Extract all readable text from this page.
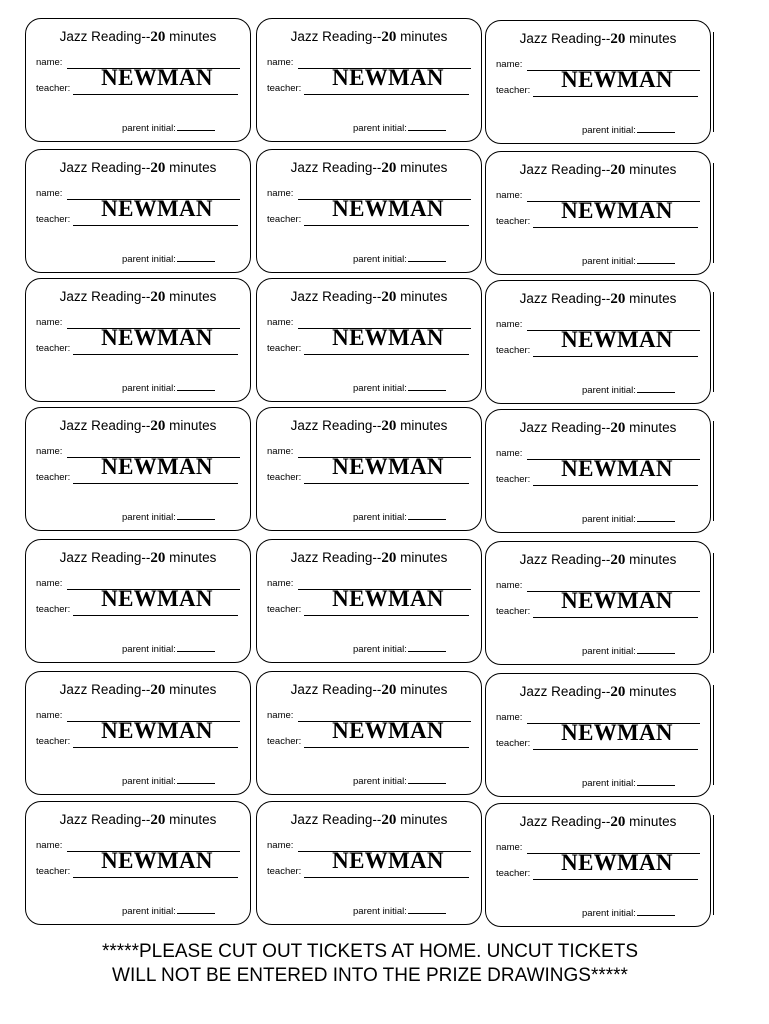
Jazz Reading--20 minutes
name:
teacher:	NEWMAN
parent initial:
Jazz Reading--20 minutes
name:
teacher:	NEWMAN
parent initial:
Jazz Reading--20 minutes
name:
teacher:	NEWMAN
parent initial:
Jazz Reading--20 minutes
name:
teacher:	NEWMAN
parent initial:
Jazz Reading--20 minutes
name:
teacher:	NEWMAN
parent initial:
Jazz Reading--20 minutes
name:
teacher:	NEWMAN
parent initial:
Jazz Reading--20 minutes
name:
teacher:	NEWMAN
parent initial:
Jazz Reading--20 minutes
name:
teacher:	NEWMAN
parent initial:
Jazz Reading--20 minutes
name:
teacher:	NEWMAN
parent initial:
Jazz Reading--20 minutes
name:
teacher:	NEWMAN
parent initial:
Jazz Reading--20 minutes
name:
teacher:	NEWMAN
parent initial:
Jazz Reading--20 minutes
name:
teacher:	NEWMAN
parent initial:
Jazz Reading--20 minutes
name:
teacher:	NEWMAN
parent initial:
Jazz Reading--20 minutes
name:
teacher:	NEWMAN
parent initial:
Jazz Reading--20 minutes
name:
teacher:	NEWMAN
parent initial:
Jazz Reading--20 minutes
name:
teacher:	NEWMAN
parent initial:
Jazz Reading--20 minutes
name:
teacher:	NEWMAN
parent initial:
Jazz Reading--20 minutes
name:
teacher:	NEWMAN
parent initial:
Jazz Reading--20 minutes
name:
teacher:	NEWMAN
parent initial:
Jazz Reading--20 minutes
name:
teacher:	NEWMAN
parent initial:
Jazz Reading--20 minutes
name:
teacher:	NEWMAN
parent initial:
*****PLEASE CUT OUT TICKETS AT HOME. UNCUT TICKETS WILL NOT BE ENTERED INTO THE PRIZE DRAWINGS*****
